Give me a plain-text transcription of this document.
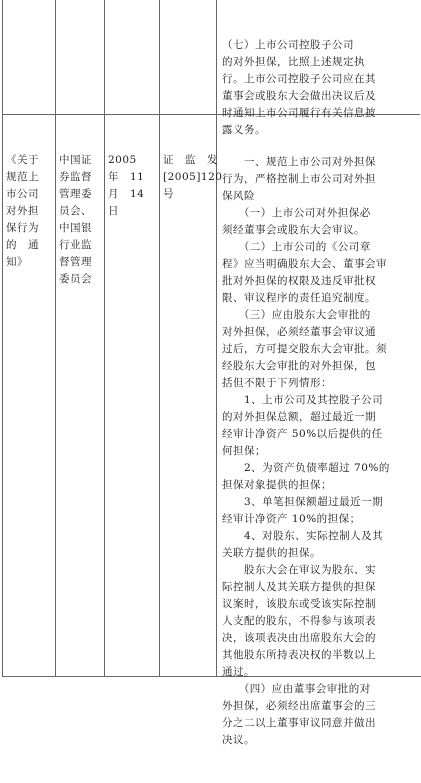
（七）上市公司控股子公司
的对外担保，比照上述规定执
行。上市公司控股子公司应在其
董事会或股东大会做出决议后及
时通知上市公司履行有关信息披
露义务。

《关于
规范上
市公司
对外担
保行为
的　通
知》

中国证
券监督
管理委
员会、
中国银
行业监
督管理
委员会

2005
年　11
月　14
日

证　监　发
[2005]120
号

　　一、规范上市公司对外担保
行为，严格控制上市公司对外担
保风险
　　（一）上市公司对外担保必
须经董事会或股东大会审议。
　　（二）上市公司的《公司章
程》应当明确股东大会、董事会审
批对外担保的权限及违反审批权
限、审议程序的责任追究制度。
　　（三）应由股东大会审批的
对外担保，必须经董事会审议通
过后，方可提交股东大会审批。须
经股东大会审批的对外担保，包
括但不限于下列情形：
　　1、上市公司及其控股子公司
的对外担保总额，超过最近一期
经审计净资产 50%以后提供的任
何担保；
　　2、为资产负债率超过 70%的
担保对象提供的担保；
　　3、单笔担保额超过最近一期
经审计净资产 10%的担保；
　　4、对股东、实际控制人及其
关联方提供的担保。
　　股东大会在审议为股东、实
际控制人及其关联方提供的担保
议案时，该股东或受该实际控制
人支配的股东，不得参与该项表
决，该项表决由出席股东大会的
其他股东所持表决权的半数以上
通过。
　　（四）应由董事会审批的对
外担保，必须经出席董事会的三
分之二以上董事审议同意并做出
决议。
